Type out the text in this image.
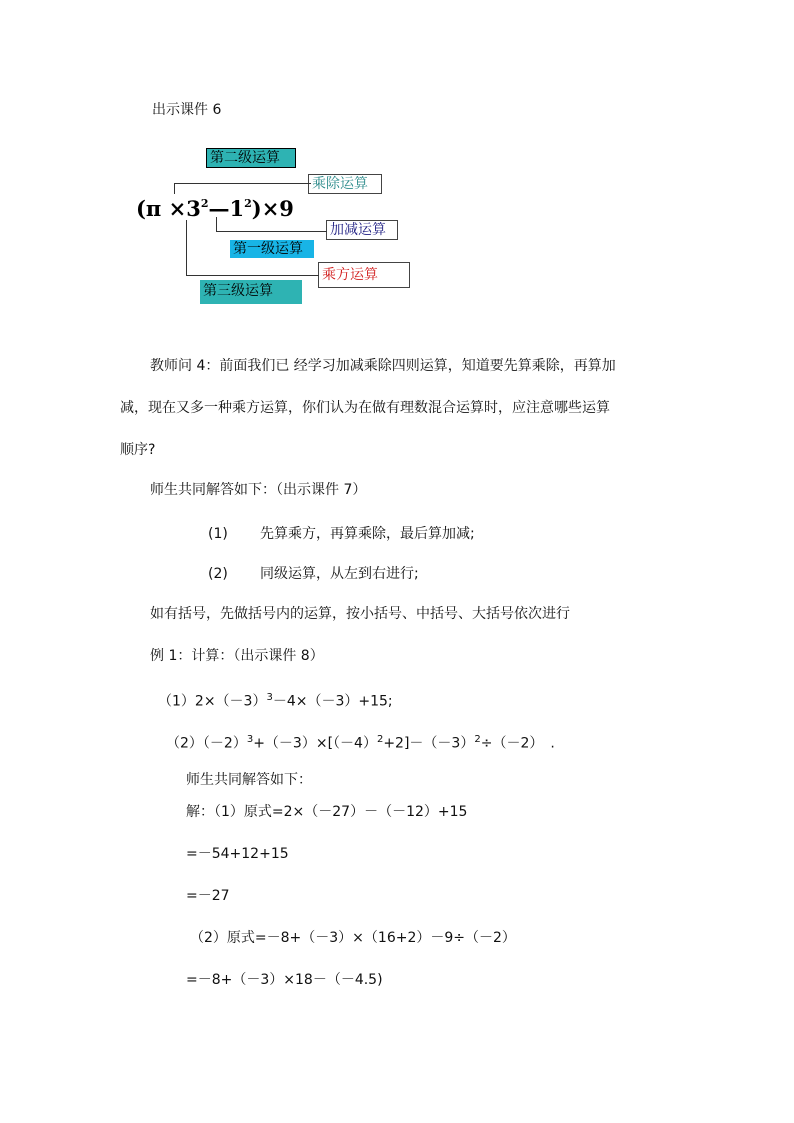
出示课件 6
第二级运算
乘除运算
加减运算
第一级运算
乘方运算
第三级运算
$(\pi \times 3^2—1^2)\times 9$
教师问 4：前面我们已 经学习加减乘除四则运算，知道要先算乘除，再算加
减，现在又多一种乘方运算，你们认为在做有理数混合运算时，应注意哪些运算
顺序?
师生共同解答如下：（出示课件 7）
(1) 先算乘方，再算乘除，最后算加减;
(2) 同级运算，从左到右进行;
如有括号，先做括号内的运算，按小括号、中括号、大括号依次进行
例 1：计算：（出示课件 8）
$(1)2\times(-3)^3-4\times(-3)+15$;
$(2)(-2)^3+(-3)\times[(-4)^2+2]-(-3)^2\div(-2)$　.
师生共同解答如下：
解：（1）原式=2×（－27）－（－12）+15
=－54+12+15
=－27
（2）原式=－8+（－3）×（16+2）－9÷（－2）
=－8+（－3）×18－（－4.5)
